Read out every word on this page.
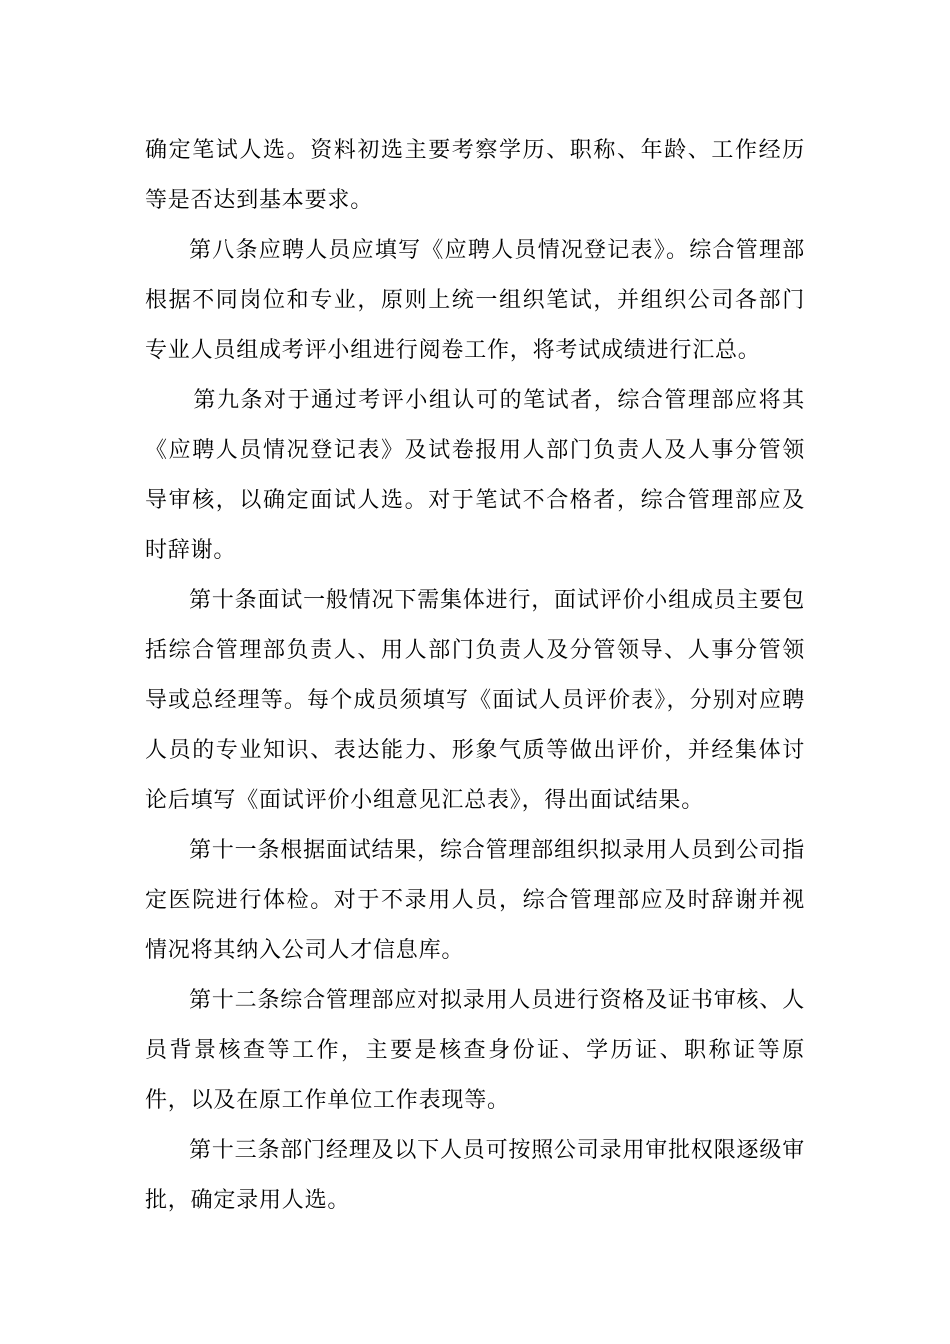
确定笔试人选。资料初选主要考察学历、职称、年龄、工作经历等是否达到基本要求。

第八条应聘人员应填写《应聘人员情况登记表》。综合管理部根据不同岗位和专业，原则上统一组织笔试，并组织公司各部门专业人员组成考评小组进行阅卷工作，将考试成绩进行汇总。

第九条对于通过考评小组认可的笔试者，综合管理部应将其《应聘人员情况登记表》及试卷报用人部门负责人及人事分管领导审核，以确定面试人选。对于笔试不合格者，综合管理部应及时辞谢。

第十条面试一般情况下需集体进行，面试评价小组成员主要包括综合管理部负责人、用人部门负责人及分管领导、人事分管领导或总经理等。每个成员须填写《面试人员评价表》，分别对应聘人员的专业知识、表达能力、形象气质等做出评价，并经集体讨论后填写《面试评价小组意见汇总表》，得出面试结果。

第十一条根据面试结果，综合管理部组织拟录用人员到公司指定医院进行体检。对于不录用人员，综合管理部应及时辞谢并视情况将其纳入公司人才信息库。

第十二条综合管理部应对拟录用人员进行资格及证书审核、人员背景核查等工作，主要是核查身份证、学历证、职称证等原件，以及在原工作单位工作表现等。

第十三条部门经理及以下人员可按照公司录用审批权限逐级审批，确定录用人选。
